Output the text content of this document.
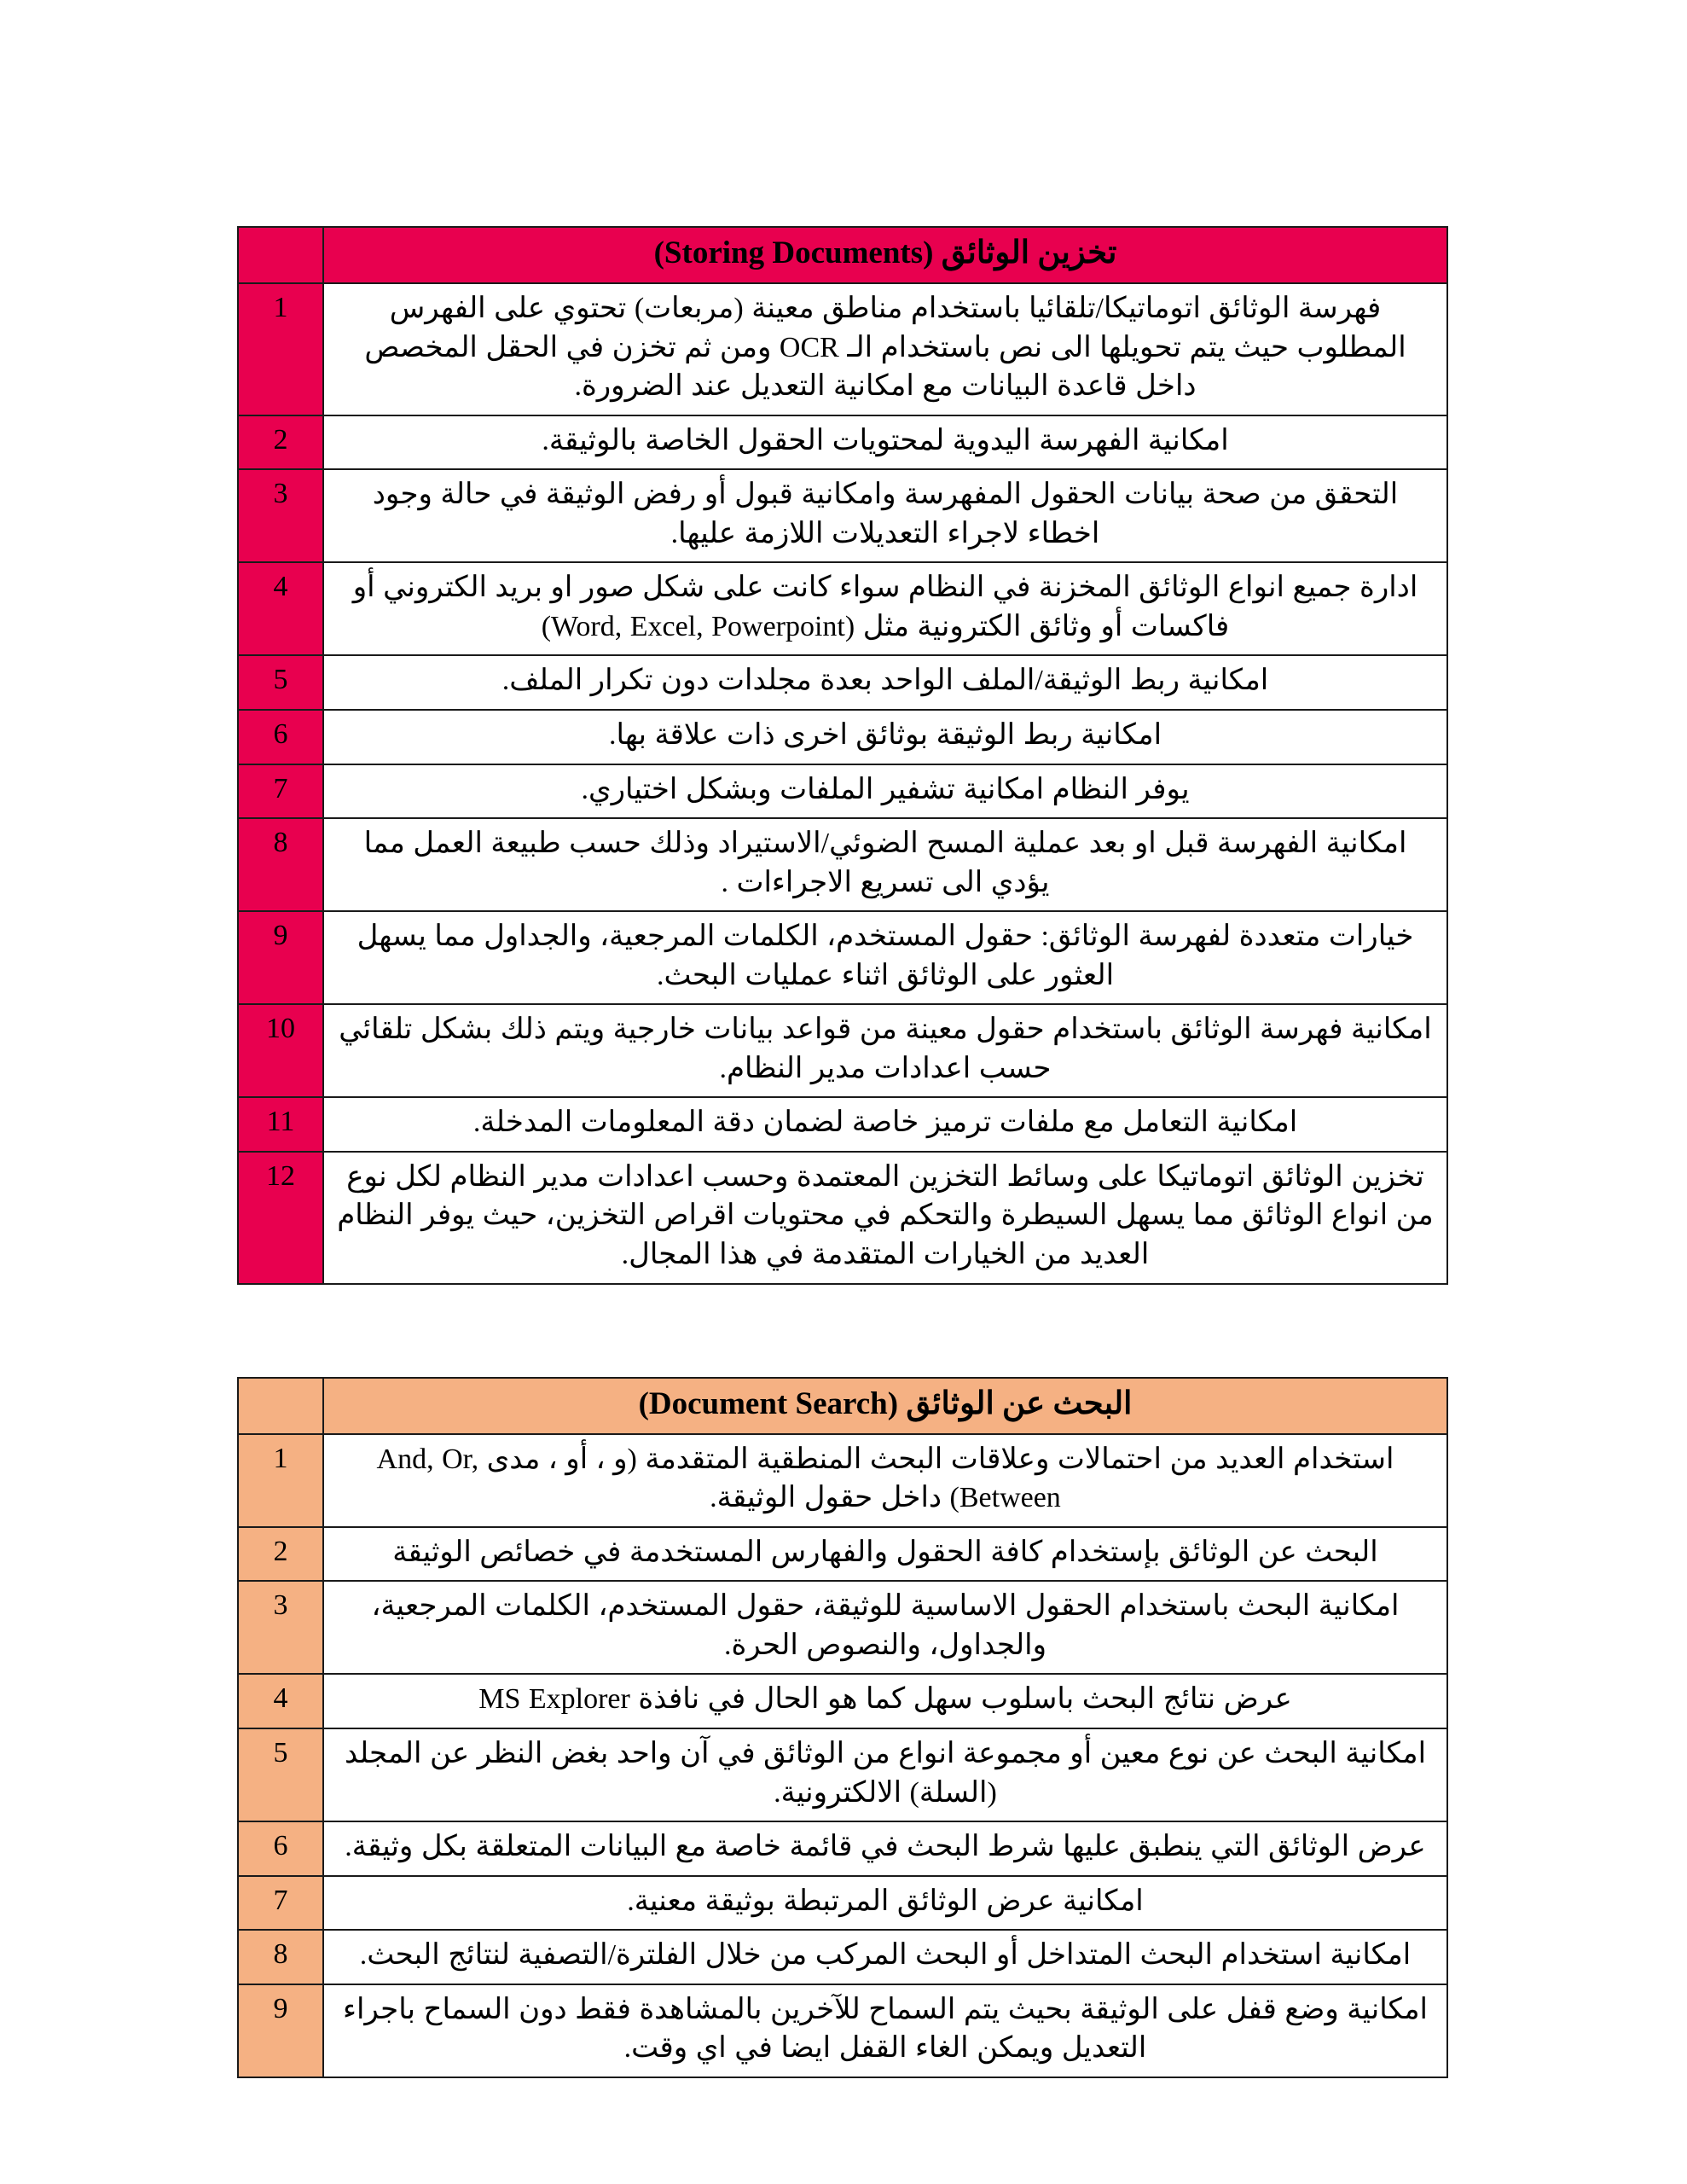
تخزين الوثائق (Storing Documents)	
فهرسة الوثائق اتوماتيكا/تلقائيا باستخدام مناطق معينة (مربعات) تحتوي على الفهرس المطلوب حيث يتم تحويلها الى نص باستخدام الـ OCR ومن ثم تخزن في الحقل المخصص داخل قاعدة البيانات مع امكانية التعديل عند الضرورة.	1
امكانية الفهرسة اليدوية لمحتويات الحقول الخاصة بالوثيقة.	2
التحقق من صحة بيانات الحقول المفهرسة وامكانية قبول أو رفض الوثيقة في حالة وجود اخطاء لاجراء التعديلات اللازمة عليها.	3
ادارة جميع انواع الوثائق المخزنة في النظام سواء كانت على شكل صور او بريد الكتروني أو فاكسات أو وثائق الكترونية مثل (Word, Excel, Powerpoint)	4
امكانية ربط الوثيقة/الملف الواحد بعدة مجلدات دون تكرار الملف.	5
امكانية ربط الوثيقة بوثائق اخرى ذات علاقة بها.	6
يوفر النظام امكانية تشفير الملفات وبشكل اختياري.	7
امكانية الفهرسة قبل او بعد عملية المسح الضوئي/الاستيراد وذلك حسب طبيعة العمل مما يؤدي الى تسريع الاجراءات .	8
خيارات متعددة لفهرسة الوثائق: حقول المستخدم، الكلمات المرجعية، والجداول مما يسهل العثور على الوثائق اثناء عمليات البحث.	9
امكانية فهرسة الوثائق باستخدام حقول معينة من قواعد بيانات خارجية ويتم ذلك بشكل تلقائي حسب اعدادات مدير النظام.	10
امكانية التعامل مع ملفات ترميز خاصة لضمان دقة المعلومات المدخلة.	11
تخزين الوثائق اتوماتيكا على وسائط التخزين المعتمدة وحسب اعدادات مدير النظام لكل نوع من انواع الوثائق مما يسهل السيطرة والتحكم في محتويات اقراص التخزين، حيث يوفر النظام العديد من الخيارات المتقدمة في هذا المجال.	12
البحث عن الوثائق (Document Search)	
استخدام العديد من احتمالات وعلاقات البحث المنطقية المتقدمة (و ، أو ، مدى And, Or, Between) داخل حقول الوثيقة.	1
البحث عن الوثائق بإستخدام كافة الحقول والفهارس المستخدمة في خصائص الوثيقة	2
امكانية البحث باستخدام الحقول الاساسية للوثيقة، حقول المستخدم، الكلمات المرجعية، والجداول، والنصوص الحرة.	3
عرض نتائج البحث باسلوب سهل كما هو الحال في نافذة MS Explorer	4
امكانية البحث عن نوع معين أو مجموعة انواع من الوثائق في آن واحد بغض النظر عن المجلد (السلة) الالكترونية.	5
عرض الوثائق التي ينطبق عليها شرط البحث في قائمة خاصة مع البيانات المتعلقة بكل وثيقة.	6
امكانية عرض الوثائق المرتبطة بوثيقة معنية.	7
امكانية استخدام البحث المتداخل أو البحث المركب من خلال الفلترة/التصفية لنتائج البحث.	8
امكانية وضع قفل على الوثيقة بحيث يتم السماح للآخرين بالمشاهدة فقط دون السماح باجراء التعديل ويمكن الغاء القفل ايضا في اي وقت.	9
